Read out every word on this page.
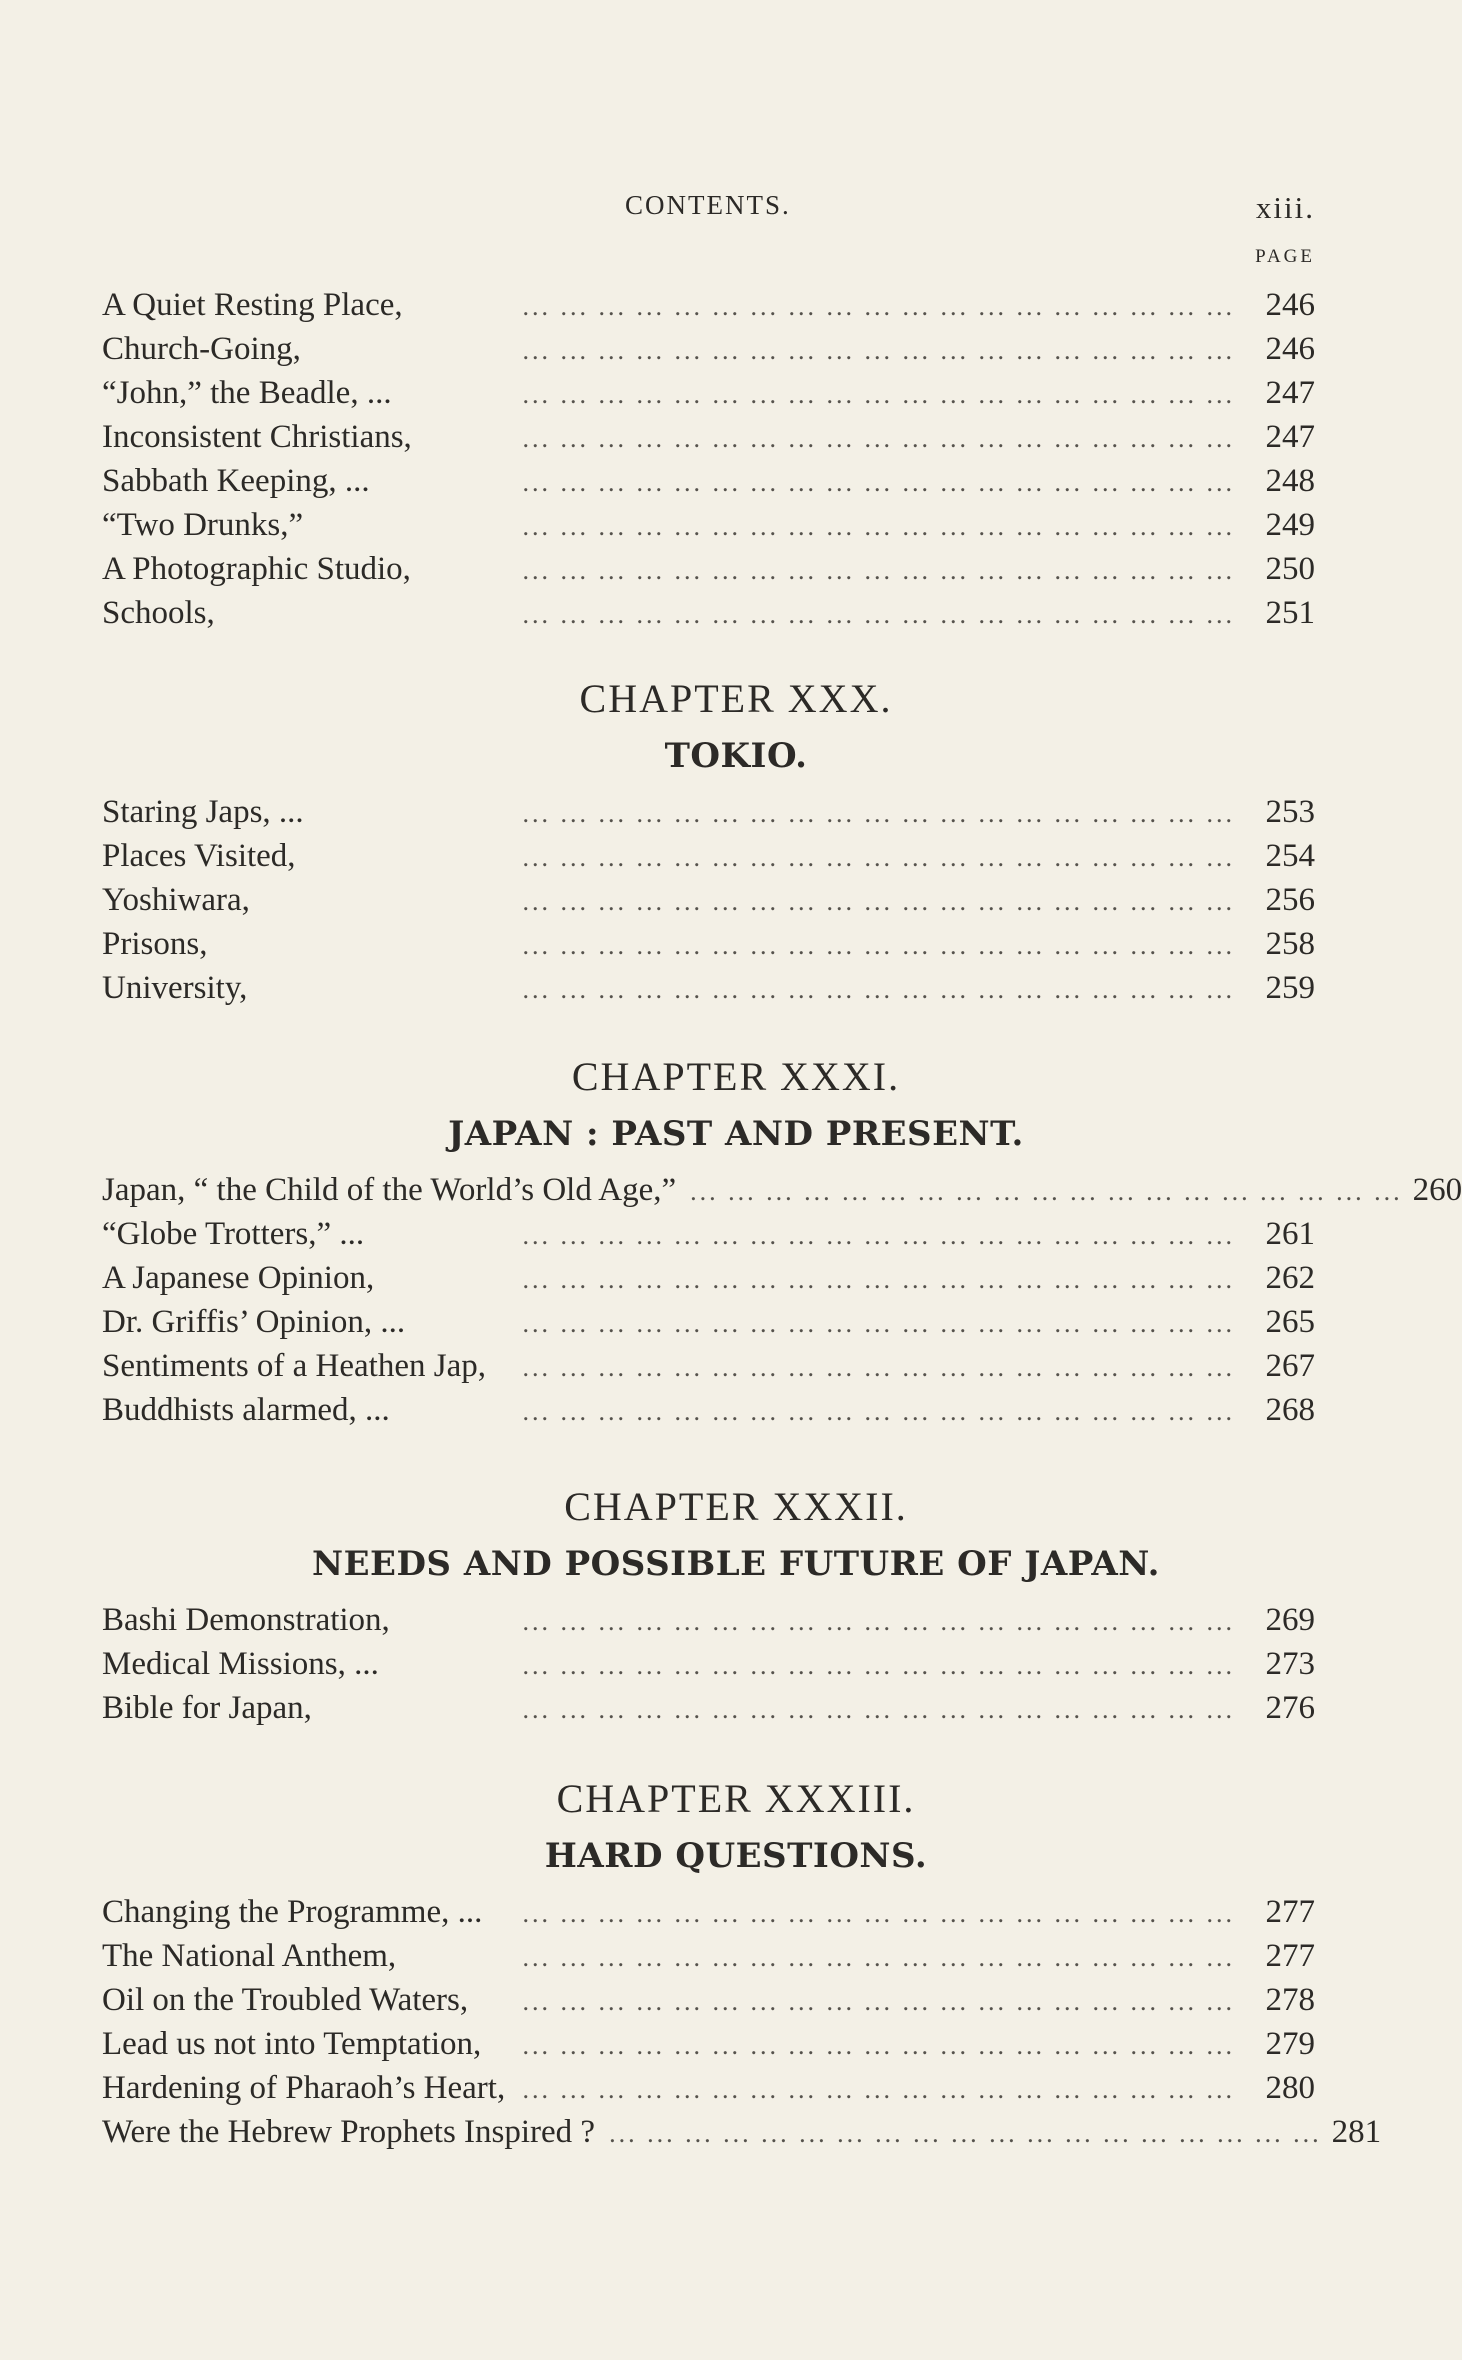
CONTENTS.	xiii.
PAGE
A Quiet Resting Place,	... ... ... ... ... ... ... ... ... ... ... ... ... ... ... ... ... ... ... 246
Church-Going,	... ... ... ... ... ... ... ... ... ... ... ... ... ... ... ... ... ... ... 246
“John,” the Beadle, ...	... ... ... ... ... ... ... ... ... ... ... ... ... ... ... ... ... ... ... 247
Inconsistent Christians,	... ... ... ... ... ... ... ... ... ... ... ... ... ... ... ... ... ... ... 247
Sabbath Keeping, ...	... ... ... ... ... ... ... ... ... ... ... ... ... ... ... ... ... ... ... 248
“Two Drunks,”	... ... ... ... ... ... ... ... ... ... ... ... ... ... ... ... ... ... ... 249
A Photographic Studio,	... ... ... ... ... ... ... ... ... ... ... ... ... ... ... ... ... ... ... 250
Schools,	... ... ... ... ... ... ... ... ... ... ... ... ... ... ... ... ... ... ... 251
CHAPTER XXX.
TOKIO.
Staring Japs, ...	... ... ... ... ... ... ... ... ... ... ... ... ... ... ... ... ... ... ... 253
Places Visited,	... ... ... ... ... ... ... ... ... ... ... ... ... ... ... ... ... ... ... 254
Yoshiwara,	... ... ... ... ... ... ... ... ... ... ... ... ... ... ... ... ... ... ... 256
Prisons,	... ... ... ... ... ... ... ... ... ... ... ... ... ... ... ... ... ... ... 258
University,	... ... ... ... ... ... ... ... ... ... ... ... ... ... ... ... ... ... ... 259
CHAPTER XXXI.
JAPAN : PAST AND PRESENT.
Japan, “ the Child of the World’s Old Age,” ... ... ... ... ... ... ... ... ... ... ... ... ... ... ... ... ... ... ... 260
“Globe Trotters,” ...	... ... ... ... ... ... ... ... ... ... ... ... ... ... ... ... ... ... ... 261
A Japanese Opinion,	... ... ... ... ... ... ... ... ... ... ... ... ... ... ... ... ... ... ... 262
Dr. Griffis’ Opinion, ...	... ... ... ... ... ... ... ... ... ... ... ... ... ... ... ... ... ... ... 265
Sentiments of a Heathen Jap,	... ... ... ... ... ... ... ... ... ... ... ... ... ... ... ... ... ... ... 267
Buddhists alarmed, ...	... ... ... ... ... ... ... ... ... ... ... ... ... ... ... ... ... ... ... 268
CHAPTER XXXII.
NEEDS AND POSSIBLE FUTURE OF JAPAN.
Bashi Demonstration,	... ... ... ... ... ... ... ... ... ... ... ... ... ... ... ... ... ... ... 269
Medical Missions, ...	... ... ... ... ... ... ... ... ... ... ... ... ... ... ... ... ... ... ... 273
Bible for Japan,	... ... ... ... ... ... ... ... ... ... ... ... ... ... ... ... ... ... ... 276
CHAPTER XXXIII.
HARD QUESTIONS.
Changing the Programme, ...	... ... ... ... ... ... ... ... ... ... ... ... ... ... ... ... ... ... ... 277
The National Anthem,	... ... ... ... ... ... ... ... ... ... ... ... ... ... ... ... ... ... ... 277
Oil on the Troubled Waters,	... ... ... ... ... ... ... ... ... ... ... ... ... ... ... ... ... ... ... 278
Lead us not into Temptation,	... ... ... ... ... ... ... ... ... ... ... ... ... ... ... ... ... ... ... 279
Hardening of Pharaoh’s Heart, ... ... ... ... ... ... ... ... ... ... ... ... ... ... ... ... ... ... ... 280
Were the Hebrew Prophets Inspired ? ... ... ... ... ... ... ... ... ... ... ... ... ... ... ... ... ... ... ... 281
